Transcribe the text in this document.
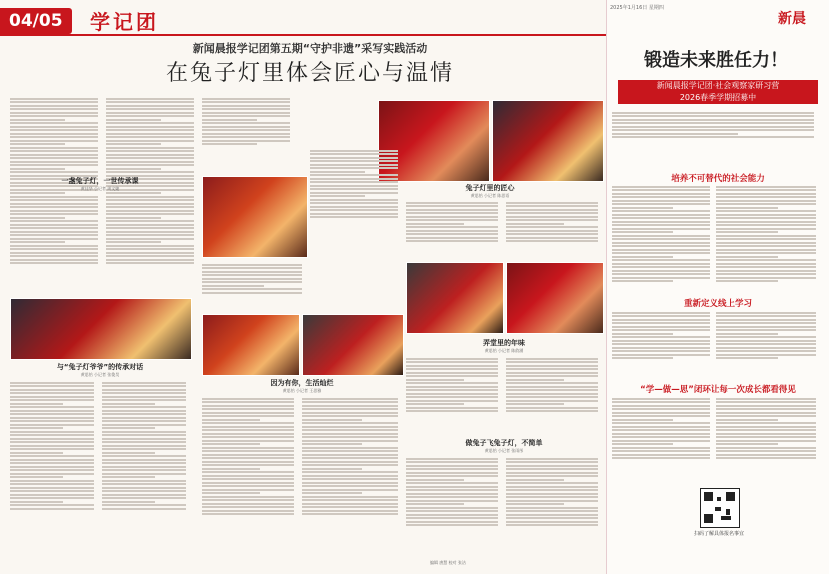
04/05	学记团
新闻晨报学记团第五期“守护非遗”采写实践活动
在兔子灯里体会匠心与温情
兔子灯里的匠心
黄思怡 小记者 陈思语
一盏兔子灯，一世传承课
黄佳华 小记者 周文婕
弄堂里的年味
黄思怡 小记者 陈韵涵
与“兔子灯爷爷”的传承对话
黄思怡 小记者 张俊昊
因为有你，生活灿烂
黄思怡 小记者 王思雅
做兔子飞兔子灯，不简单
黄思怡 小记者 张雨彤
编辑 唐慧 校对 张洁
2025年1月16日 星期四
新晨
锻造未来胜任力！
新闻晨报学记团·社会观察家研习营
2026春季学期招募中
培养不可替代的社会能力
重新定义线上学习
“学—做—思”闭环让每一次成长都看得见
扫码了解具体报名事宜
